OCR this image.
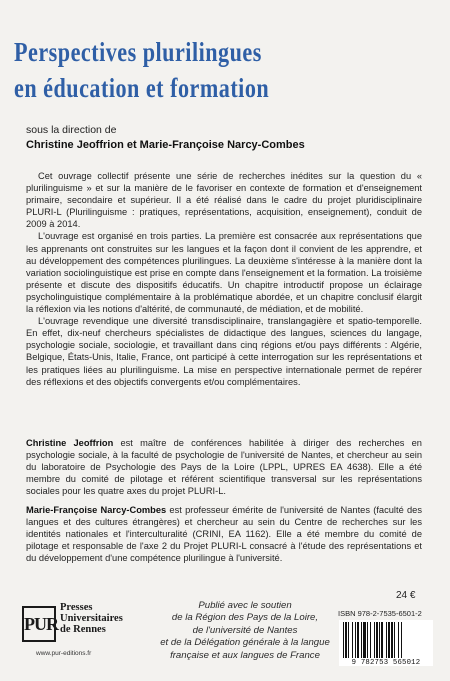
Perspectives plurilingues
en éducation et formation
sous la direction de
Christine Jeoffrion et Marie-Françoise Narcy-Combes

Cet ouvrage collectif présente une série de recherches inédites sur la question du « plurilinguisme » et sur la manière de le favoriser en contexte de formation et d'enseignement primaire, secondaire et supérieur. Il a été réalisé dans le cadre du projet pluridisciplinaire PLURI-L (Plurilinguisme : pratiques, représentations, acquisition, enseignement), conduit de 2009 à 2014.

L'ouvrage est organisé en trois parties. La première est consacrée aux représentations que les apprenants ont construites sur les langues et la façon dont il convient de les apprendre, et au développement des compétences plurilingues. La deuxième s'intéresse à la manière dont la variation sociolinguistique est prise en compte dans l'enseignement et la formation. La troisième présente et discute des dispositifs éducatifs. Un chapitre introductif propose un éclairage psycholinguistique complémentaire à la problématique abordée, et un chapitre conclusif élargit la réflexion via les notions d'altérité, de communauté, de médiation, et de mobilité.

L'ouvrage revendique une diversité transdisciplinaire, translangagière et spatio-temporelle. En effet, dix-neuf chercheurs spécialistes de didactique des langues, sciences du langage, psychologie sociale, sociologie, et travaillant dans cinq régions et/ou pays différents : Algérie, Belgique, États-Unis, Italie, France, ont participé à cette interrogation sur les représentations et les pratiques liées au plurilinguisme. La mise en perspective internationale permet de repérer des réflexions et des objectifs convergents et/ou complémentaires.

Christine Jeoffrion est maître de conférences habilitée à diriger des recherches en psychologie sociale, à la faculté de psychologie de l'université de Nantes, et chercheur au sein du laboratoire de Psychologie des Pays de la Loire (LPPL, UPRES EA 4638). Elle a été membre du comité de pilotage et référent scientifique transversal sur les représentations sociales pour les quatre axes du projet PLURI-L.

Marie-Françoise Narcy-Combes est professeur émérite de l'université de Nantes (faculté des langues et des cultures étrangères) et chercheur au sein du Centre de recherches sur les identités nationales et l'interculturalité (CRINI, EA 1162). Elle a été membre du comité de pilotage et responsable de l'axe 2 du Projet PLURI-L consacré à l'étude des représentations et du développement d'une compétence plurilingue à l'université.

PUR
Presses
Universitaires
de Rennes
www.pur-editions.fr
Publié avec le soutien
de la Région des Pays de la Loire,
de l'université de Nantes
et de la Délégation générale à la langue
française et aux langues de France
24 €
ISBN 978-2-7535-6501-2
9 782753 565012
